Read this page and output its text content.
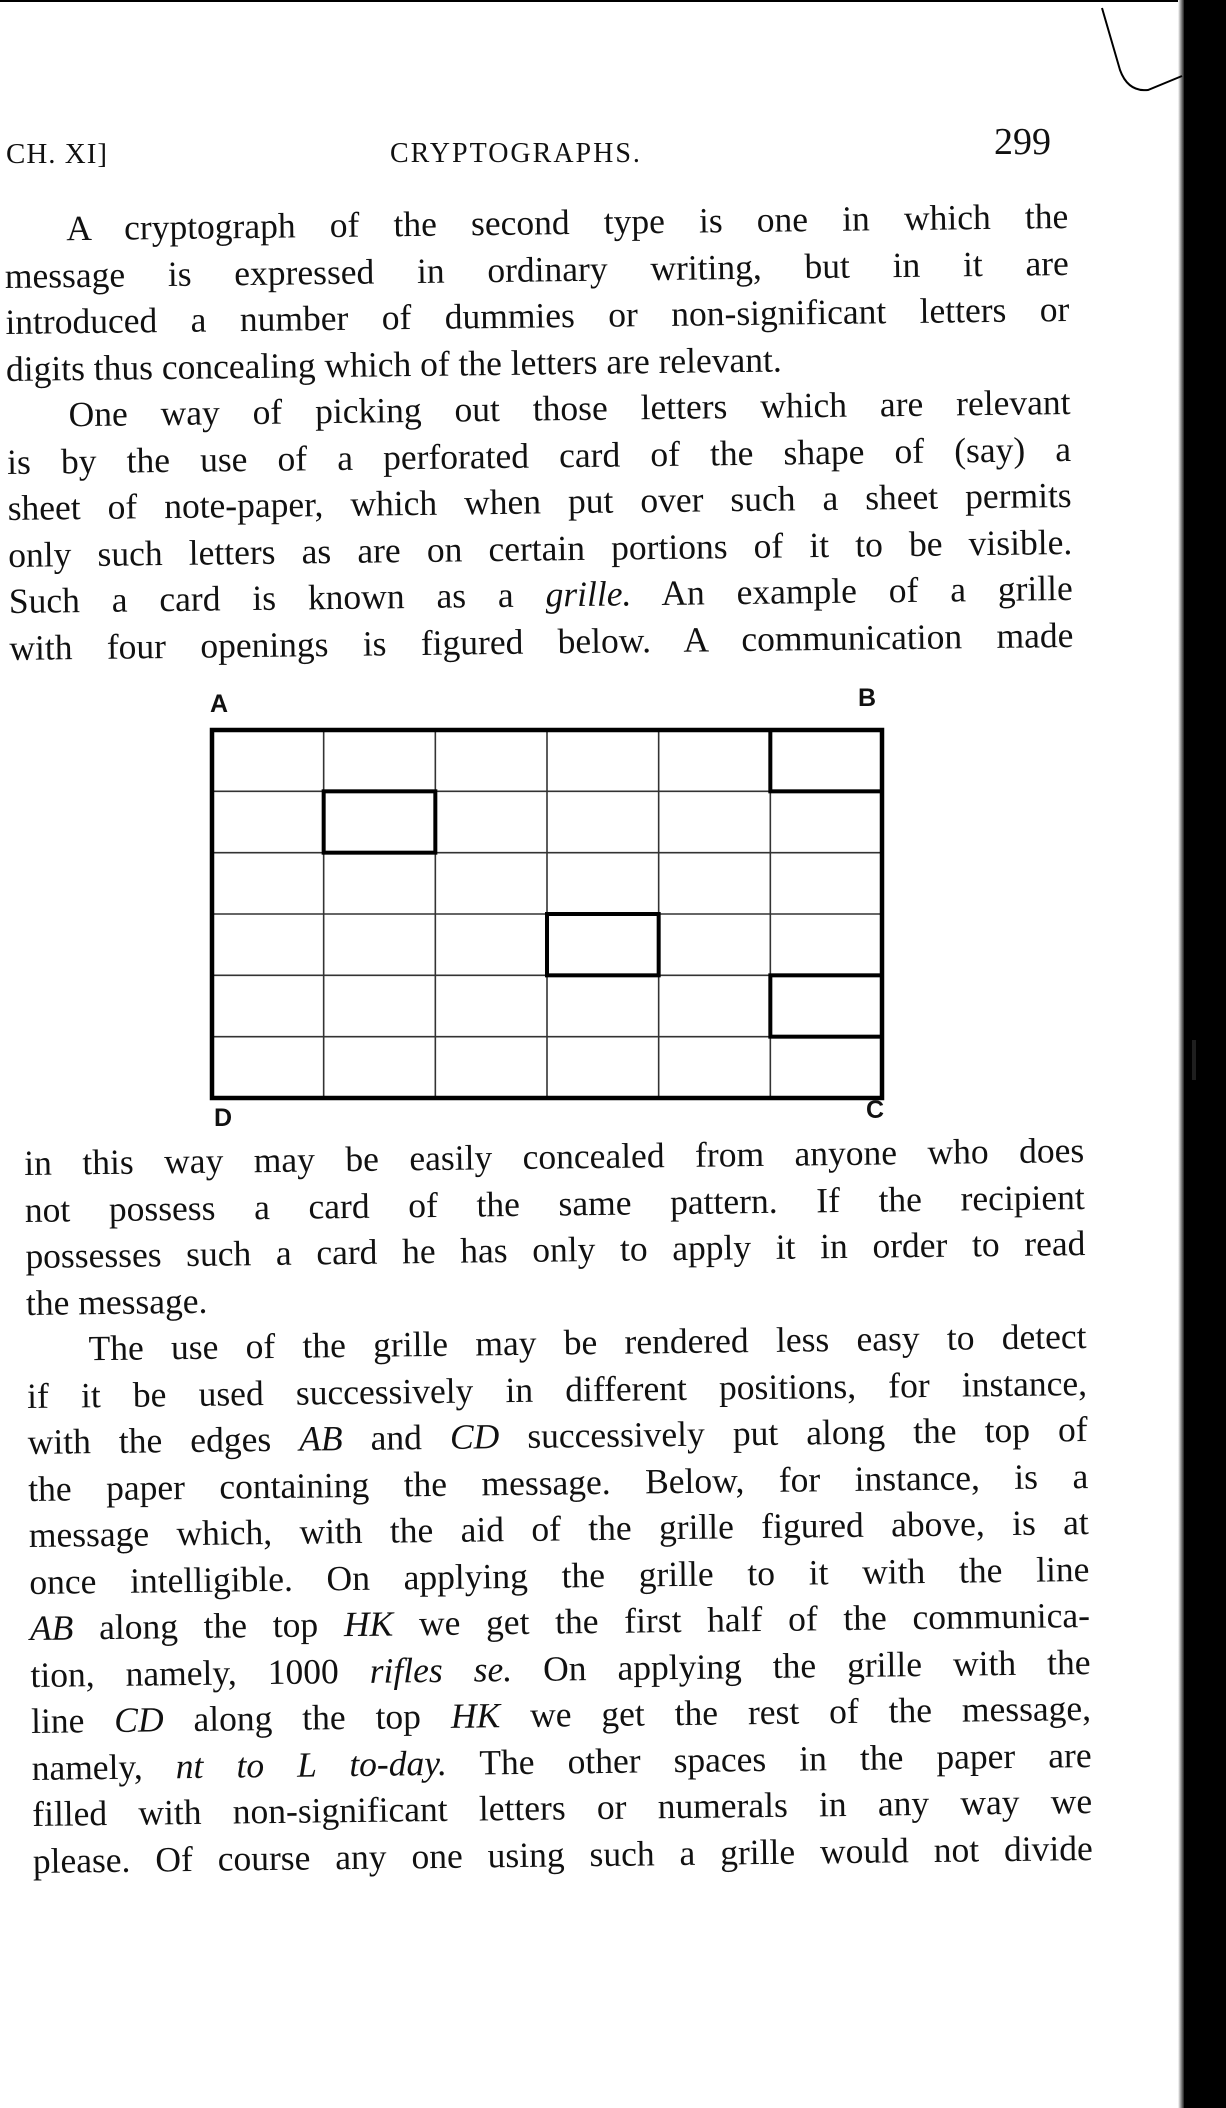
CH. XI]	CRYPTOGRAPHS.	299

A cryptograph of the second type is one in which the
message is expressed in ordinary writing, but in it are
introduced a number of dummies or non-significant letters or
digits thus concealing which of the letters are relevant.

One way of picking out those letters which are relevant
is by the use of a perforated card of the shape of (say) a
sheet of note-paper, which when put over such a sheet permits
only such letters as are on certain portions of it to be visible.
Such a card is known as a grille. An example of a grille
with four openings is figured below. A communication made

A	B
D	C

in this way may be easily concealed from anyone who does
not possess a card of the same pattern. If the recipient
possesses such a card he has only to apply it in order to read
the message.

The use of the grille may be rendered less easy to detect
if it be used successively in different positions, for instance,
with the edges AB and CD successively put along the top of
the paper containing the message. Below, for instance, is a
message which, with the aid of the grille figured above, is at
once intelligible. On applying the grille to it with the line
AB along the top HK we get the first half of the communica-
tion, namely, 1000 rifles se. On applying the grille with the
line CD along the top HK we get the rest of the message,
namely, nt to L to-day. The other spaces in the paper are
filled with non-significant letters or numerals in any way we
please. Of course any one using such a grille would not divide
